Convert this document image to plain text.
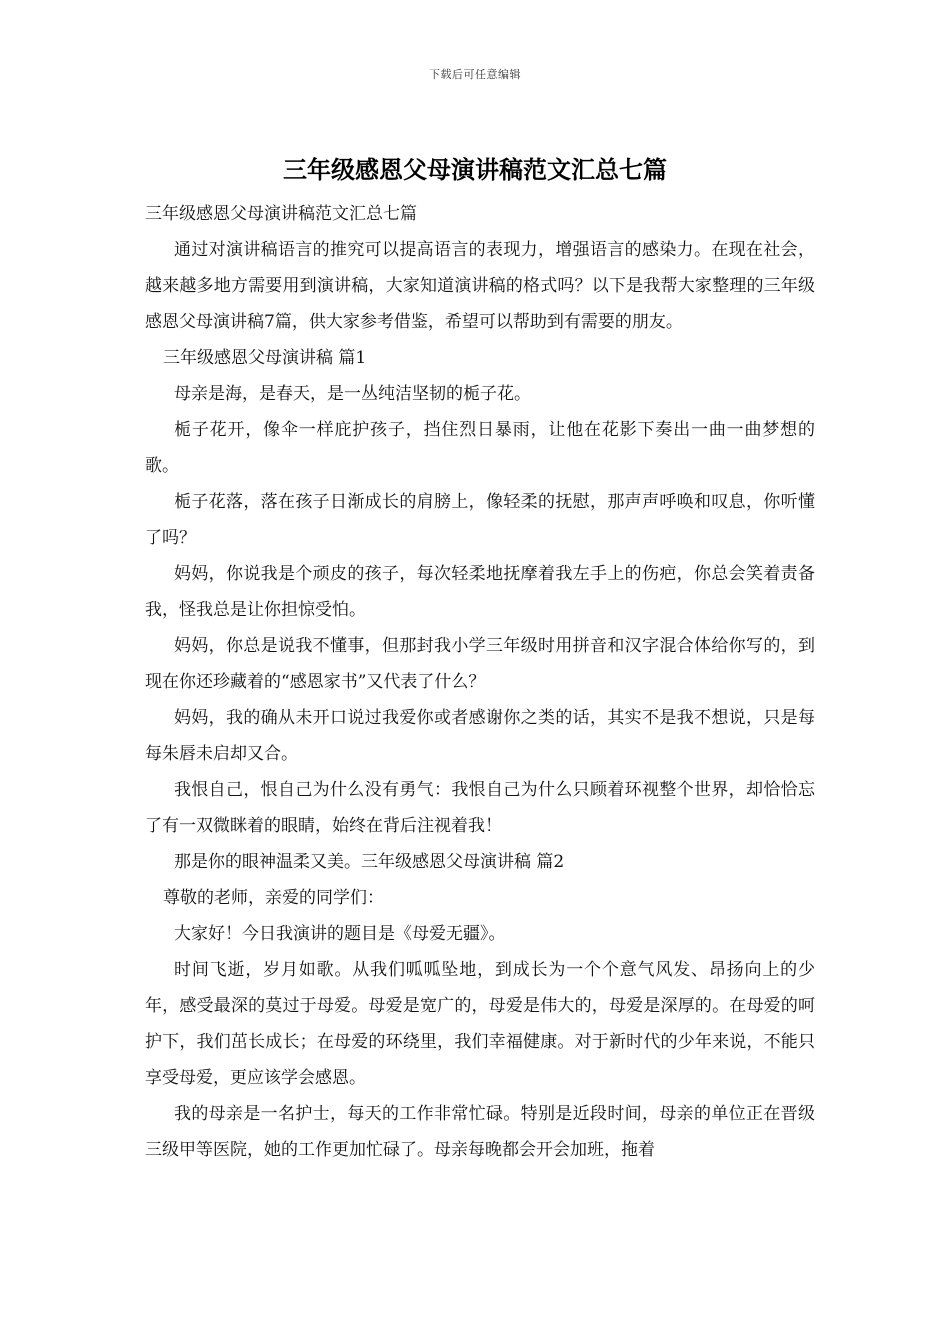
下载后可任意编辑
三年级感恩父母演讲稿范文汇总七篇

三年级感恩父母演讲稿范文汇总七篇

通过对演讲稿语言的推究可以提高语言的表现力，增强语言的感染力。在现在社会，越来越多地方需要用到演讲稿，大家知道演讲稿的格式吗？以下是我帮大家整理的三年级感恩父母演讲稿7篇，供大家参考借鉴，希望可以帮助到有需要的朋友。

三年级感恩父母演讲稿 篇1

母亲是海，是春天，是一丛纯洁坚韧的栀子花。

栀子花开，像伞一样庇护孩子，挡住烈日暴雨，让他在花影下奏出一曲一曲梦想的歌。

栀子花落，落在孩子日渐成长的肩膀上，像轻柔的抚慰，那声声呼唤和叹息，你听懂了吗？

妈妈，你说我是个顽皮的孩子，每次轻柔地抚摩着我左手上的伤疤，你总会笑着责备我，怪我总是让你担惊受怕。

妈妈，你总是说我不懂事，但那封我小学三年级时用拼音和汉字混合体给你写的，到现在你还珍藏着的“感恩家书”又代表了什么？

妈妈，我的确从未开口说过我爱你或者感谢你之类的话，其实不是我不想说，只是每每朱唇未启却又合。

我恨自己，恨自己为什么没有勇气：我恨自己为什么只顾着环视整个世界，却恰恰忘了有一双微眯着的眼睛，始终在背后注视着我！

那是你的眼神温柔又美。三年级感恩父母演讲稿 篇2

尊敬的老师，亲爱的同学们：

大家好！今日我演讲的题目是《母爱无疆》。

时间飞逝，岁月如歌。从我们呱呱坠地，到成长为一个个意气风发、昂扬向上的少年，感受最深的莫过于母爱。母爱是宽广的，母爱是伟大的，母爱是深厚的。在母爱的呵护下，我们茁长成长；在母爱的环绕里，我们幸福健康。对于新时代的少年来说，不能只享受母爱，更应该学会感恩。

我的母亲是一名护士，每天的工作非常忙碌。特别是近段时间，母亲的单位正在晋级三级甲等医院，她的工作更加忙碌了。母亲每晚都会开会加班，拖着
